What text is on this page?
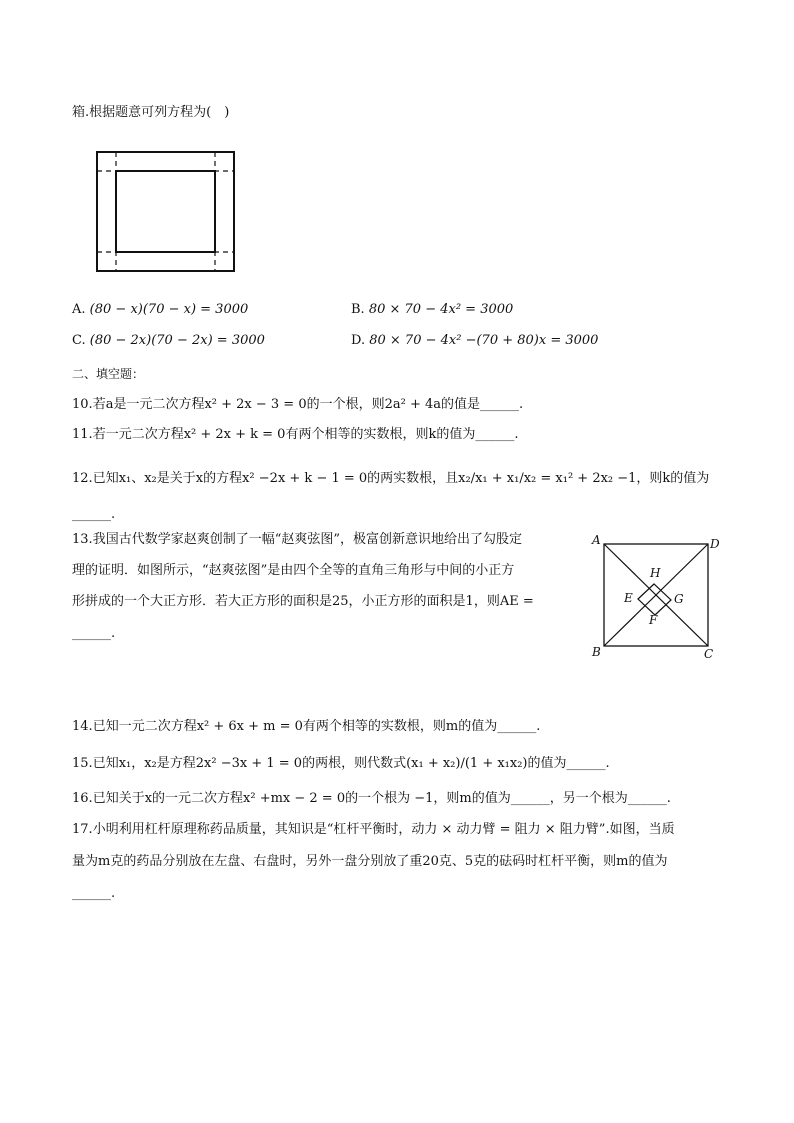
箱.根据题意可列方程为(　)
A. (80 − x)(70 − x) = 3000	B. 80 × 70 − 4x² = 3000
C. (80 − 2x)(70 − 2x) = 3000	D. 80 × 70 − 4x² −(70 + 80)x = 3000
二、填空题：
10.若a是一元二次方程x² + 2x − 3 = 0的一个根，则2a² + 4a的值是______.
11.若一元二次方程x² + 2x + k = 0有两个相等的实数根，则k的值为______.
12.已知x₁、x₂是关于x的方程x² −2x + k − 1 = 0的两实数根，且x₂/x₁ + x₁/x₂ = x₁² + 2x₂ −1，则k的值为______.
13.我国古代数学家赵爽创制了一幅“赵爽弦图”，极富创新意识地给出了勾股定
理的证明．如图所示，“赵爽弦图”是由四个全等的直角三角形与中间的小正方
形拼成的一个大正方形．若大正方形的面积是25，小正方形的面积是1，则AE =
______.
A	D
B	C
H
E	G
F
14.已知一元二次方程x² + 6x + m = 0有两个相等的实数根，则m的值为______.
15.已知x₁，x₂是方程2x² −3x + 1 = 0的两根，则代数式(x₁ + x₂)/(1 + x₁x₂)的值为______.
16.已知关于x的一元二次方程x² +mx − 2 = 0的一个根为 −1，则m的值为______，另一个根为______.
17.小明利用杠杆原理称药品质量，其知识是“杠杆平衡时，动力 × 动力臂 = 阻力 × 阻力臂”.如图，当质
量为m克的药品分别放在左盘、右盘时，另外一盘分别放了重20克、5克的砝码时杠杆平衡，则m的值为
______.
